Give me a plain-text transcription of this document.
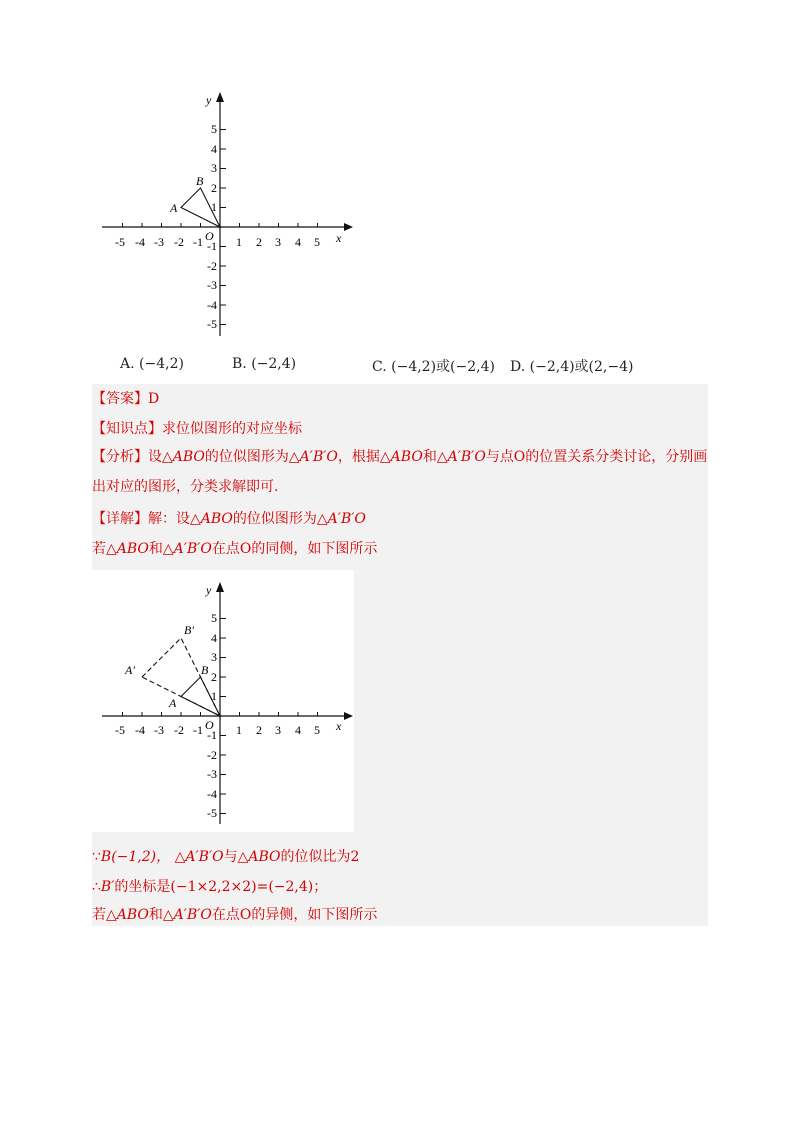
x
y
O
-5 -4 -3 -2 -1	1 2 3 4 5
5
4
3
2
1
-1
-2
-3
-4
-5
A
B
A. (−4,2)	B. (−2,4)	C. (−4,2)或(−2,4) D. (−2,4)或(2,−4)
【答案】D
【知识点】求位似图形的对应坐标
【分析】设△ABO的位似图形为△A′B′O，根据△ABO和△A′B′O与点O的位置关系分类讨论，分别画出对应的图形，分类求解即可.
【详解】解：设△ABO的位似图形为△A′B′O
若△ABO和△A′B′O在点O的同侧，如下图所示
x
y
O
-5 -4 -3 -2 -1	1 2 3 4 5
5
4
3
2
1
-1
-2
-3
-4
-5
A
B
A′
B′
∵B(−1,2)， △A′B′O与△ABO的位似比为2
∴B′的坐标是(−1×2,2×2)=(−2,4)；
若△ABO和△A′B′O在点O的异侧，如下图所示
